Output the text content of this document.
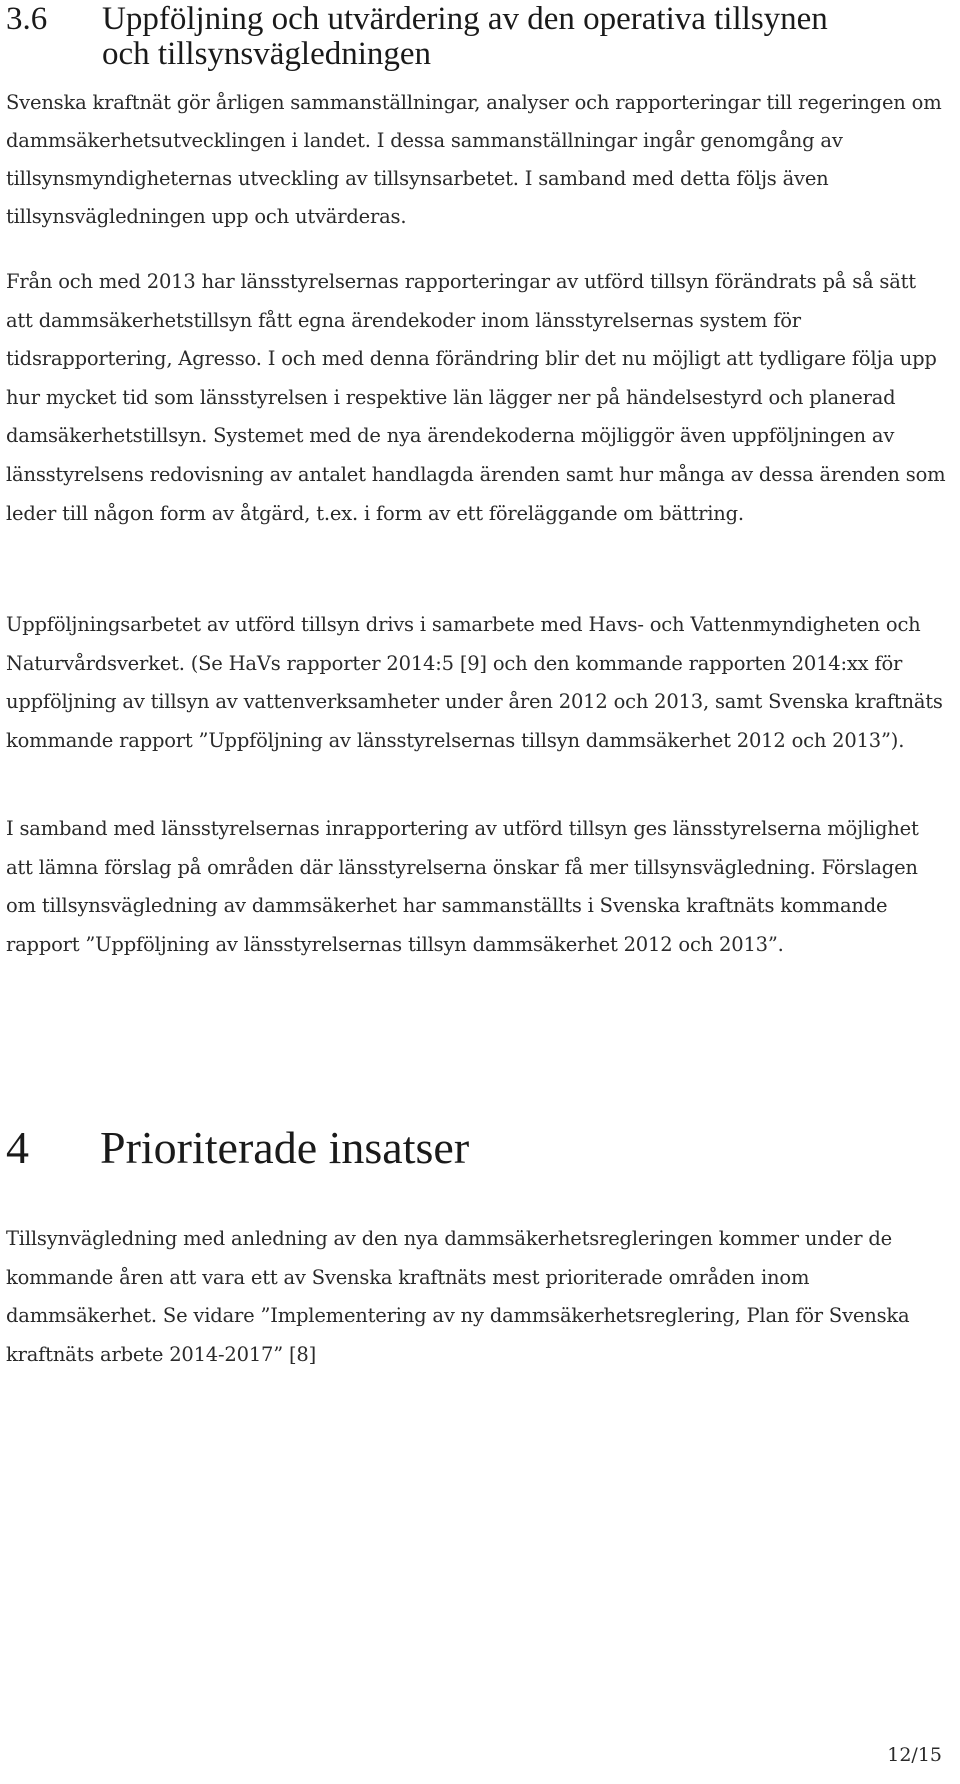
3.6	Uppföljning och utvärdering av den operativa tillsynen och tillsynsvägledningen

Svenska kraftnät gör årligen sammanställningar, analyser och rapporteringar till regeringen om dammsäkerhetsutvecklingen i landet. I dessa sammanställningar ingår genomgång av tillsynsmyndigheternas utveckling av tillsynsarbetet. I samband med detta följs även tillsynsvägledningen upp och utvärderas.

Från och med 2013 har länsstyrelsernas rapporteringar av utförd tillsyn förändrats på så sätt att dammsäkerhetstillsyn fått egna ärendekoder inom länsstyrelsernas system för tidsrapportering, Agresso. I och med denna förändring blir det nu möjligt att tydligare följa upp hur mycket tid som länsstyrelsen i respektive län lägger ner på händelsestyrd och planerad damsäkerhetstillsyn. Systemet med de nya ärendekoderna möjliggör även uppföljningen av länsstyrelsens redovisning av antalet handlagda ärenden samt hur många av dessa ärenden som leder till någon form av åtgärd, t.ex. i form av ett föreläggande om bättring.

Uppföljningsarbetet av utförd tillsyn drivs i samarbete med Havs- och Vattenmyndigheten och Naturvårdsverket. (Se HaVs rapporter 2014:5 [9] och den kommande rapporten 2014:xx för uppföljning av tillsyn av vattenverksamheter under åren 2012 och 2013, samt Svenska kraftnäts kommande rapport ”Uppföljning av länsstyrelsernas tillsyn dammsäkerhet 2012 och 2013”).

I samband med länsstyrelsernas inrapportering av utförd tillsyn ges länsstyrelserna möjlighet att lämna förslag på områden där länsstyrelserna önskar få mer tillsynsvägledning. Förslagen om tillsynsvägledning av dammsäkerhet har sammanställts i Svenska kraftnäts kommande rapport ”Uppföljning av länsstyrelsernas tillsyn dammsäkerhet 2012 och 2013”.

4	Prioriterade insatser

Tillsynvägledning med anledning av den nya dammsäkerhetsregleringen kommer under de kommande åren att vara ett av Svenska kraftnäts mest prioriterade områden inom dammsäkerhet. Se vidare ”Implementering av ny dammsäkerhetsreglering, Plan för Svenska kraftnäts arbete 2014-2017” [8]

12/15
